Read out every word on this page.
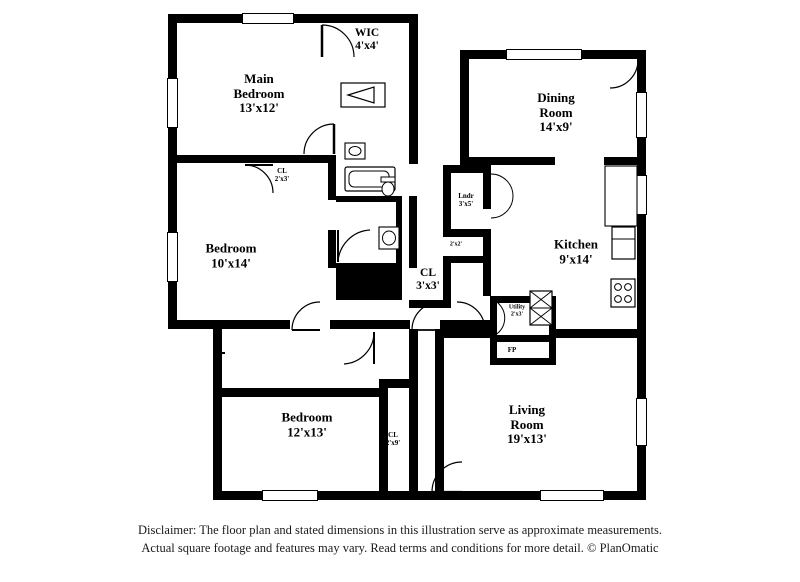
Main
Bedroom
13'x12'
WIC
4'x4'
Dining
Room
14'x9'
Bedroom
10'x14'
CL
2'x3'
Lndr
3'x5'
2'x2'	Kitchen
9'x14'
CL
3'x3'
Utility
2'x3'
FP
Bedroom
12'x13'	CL
2'x9'
Living
Room
19'x13'
Disclaimer: The floor plan and stated dimensions in this illustration serve as approximate measurements.
Actual square footage and features may vary. Read terms and conditions for more detail. © PlanOmatic
